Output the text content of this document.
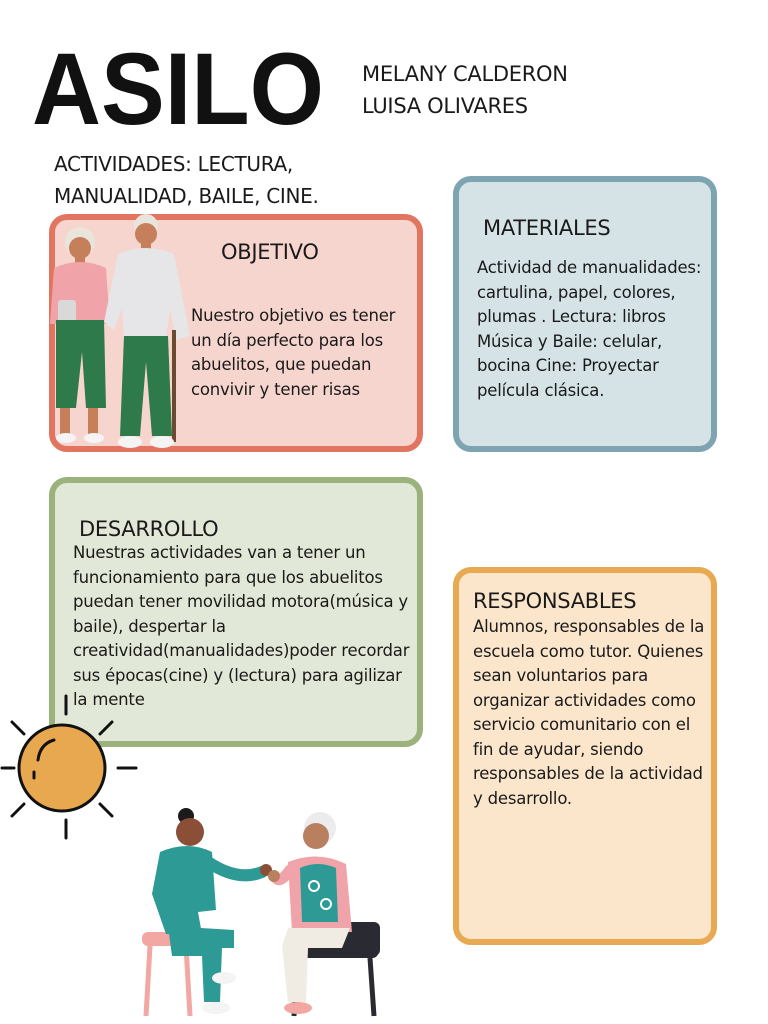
ASILO MELANY CALDERON
LUISA OLIVARES
ACTIVIDADES: LECTURA, MANUALIDAD, BAILE, CINE.
OBJETIVO
Nuestro objetivo es tener un día perfecto para los abuelitos, que puedan convivir y tener risas
MATERIALES
Actividad de manualidades: cartulina, papel, colores, plumas . Lectura: libros Música y Baile: celular, bocina Cine: Proyectar película clásica.
DESARROLLO
Nuestras actividades van a tener un funcionamiento para que los abuelitos puedan tener movilidad motora(música y baile), despertar la creatividad(manualidades)poder recordar sus épocas(cine) y (lectura) para agilizar la mente
RESPONSABLES
Alumnos, responsables de la escuela como tutor. Quienes sean voluntarios para organizar actividades como servicio comunitario con el fin de ayudar, siendo responsables de la actividad y desarrollo.
